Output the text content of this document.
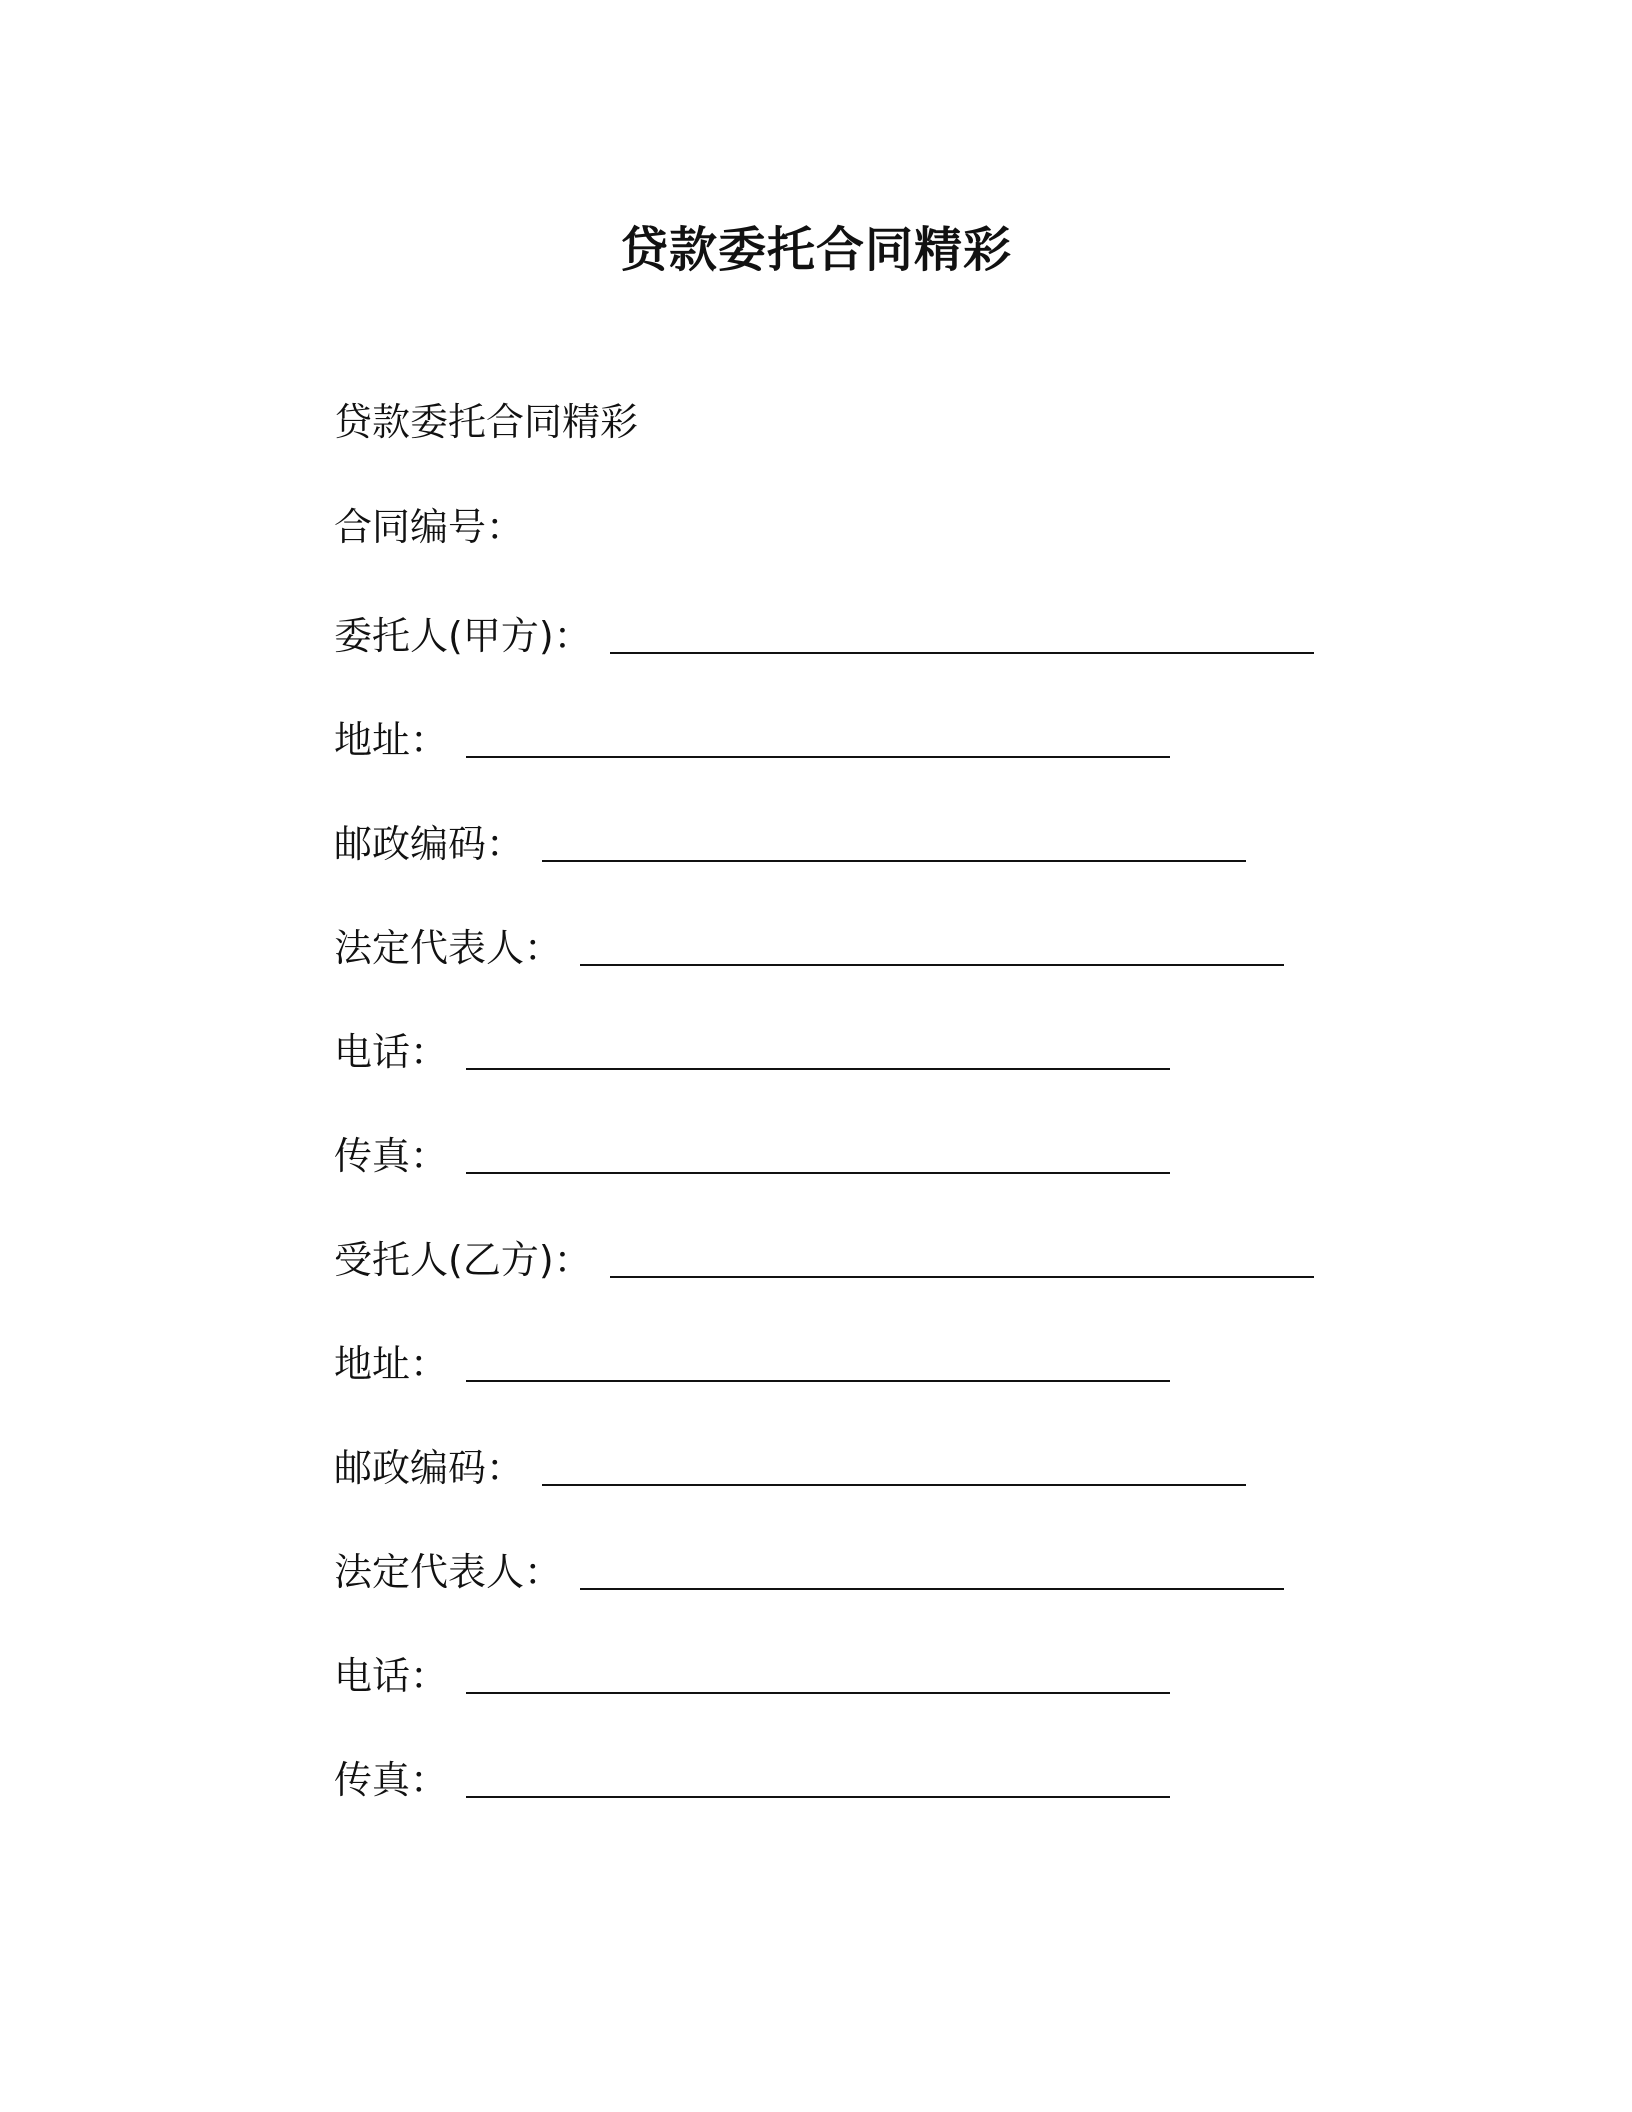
贷款委托合同精彩
贷款委托合同精彩
合同编号：
委托人(甲方)：
地址：
邮政编码：
法定代表人：
电话：
传真：
受托人(乙方)：
地址：
邮政编码：
法定代表人：
电话：
传真：
